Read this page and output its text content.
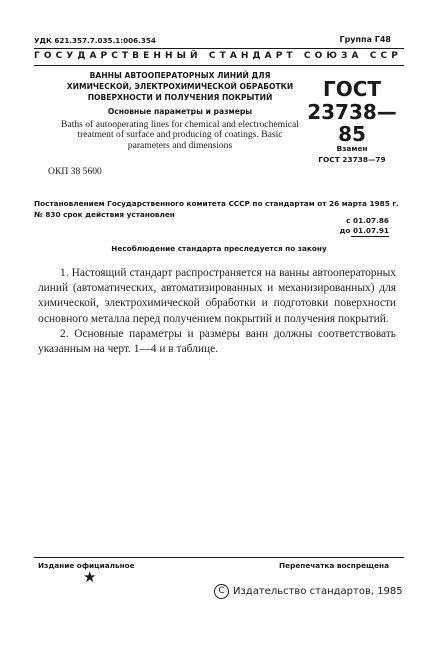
УДК 621.357.7.035.1:006.354	Группа Г48
ГОСУДАРСТВЕННЫЙ СТАНДАРТ СОЮЗА ССР
ВАННЫ АВТООПЕРАТОРНЫХ ЛИНИЙ ДЛЯ ХИМИЧЕСКОЙ, ЭЛЕКТРОХИМИЧЕСКОЙ ОБРАБОТКИ ПОВЕРХНОСТИ И ПОЛУЧЕНИЯ ПОКРЫТИЙ
Основные параметры и размеры
Baths of autooperating lines for chemical and electrochemical treatment of surface and producing of coatings. Basic parameters and dimensions
ОКП 38 5600
ГОСТ
23738—85
Взамен
ГОСТ 23738—79
Постановлением Государственного комитета СССР по стандартам от 26 марта 1985 г. № 830 срок действия установлен
с 01.07.86
до 01.07.91
Несоблюдение стандарта преследуется по закону

1. Настоящий стандарт распространяется на ванны автооператорных линий (автоматических, автоматизированных и механизированных) для химической, электрохимической обработки и подготовки поверхности основного металла перед получением покрытий и получения покрытий.

2. Основные параметры и размеры ванн должны соответствовать указанным на черт. 1—4 и в таблице.

Издание официальное	Перепечатка воспрещена
★
C Издательство стандартов, 1985
